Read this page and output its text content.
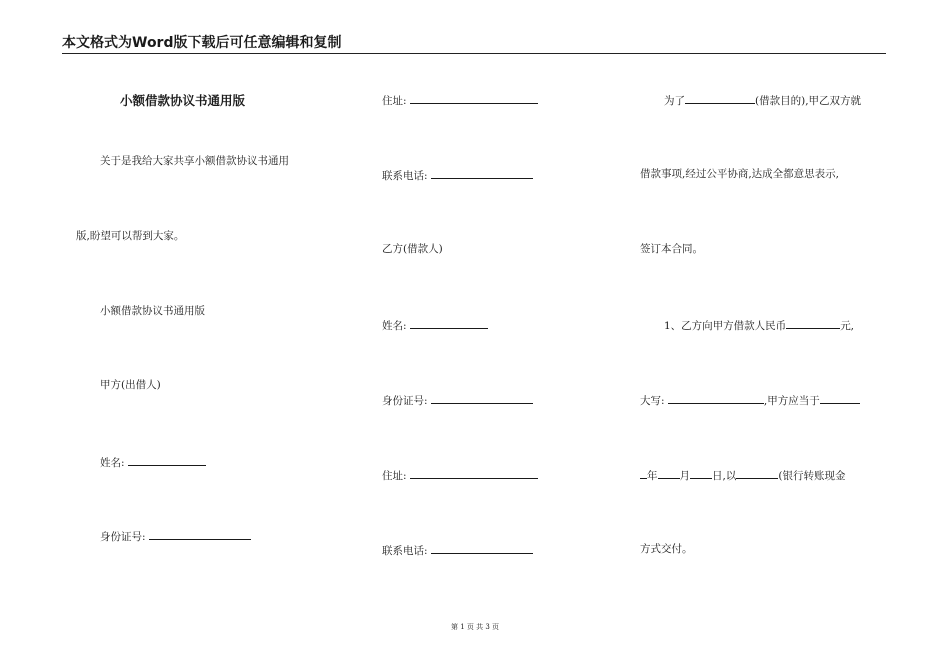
本文格式为Word版下载后可任意编辑和复制
小额借款协议书通用版
关于是我给大家共享小额借款协议书通用
版,盼望可以帮到大家。
小额借款协议书通用版
甲方(出借人)
姓名:
身份证号:
住址:
联系电话:
乙方(借款人)
姓名:
身份证号:
住址:
联系电话:
为了	(借款目的),甲乙双方就
借款事项,经过公平协商,达成全都意思表示,
签订本合同。
1、乙方向甲方借款人民币	元,
大写:	,甲方应当于
年 月 日,以	(银行转账现金
方式交付。
第 1 页 共 3 页
